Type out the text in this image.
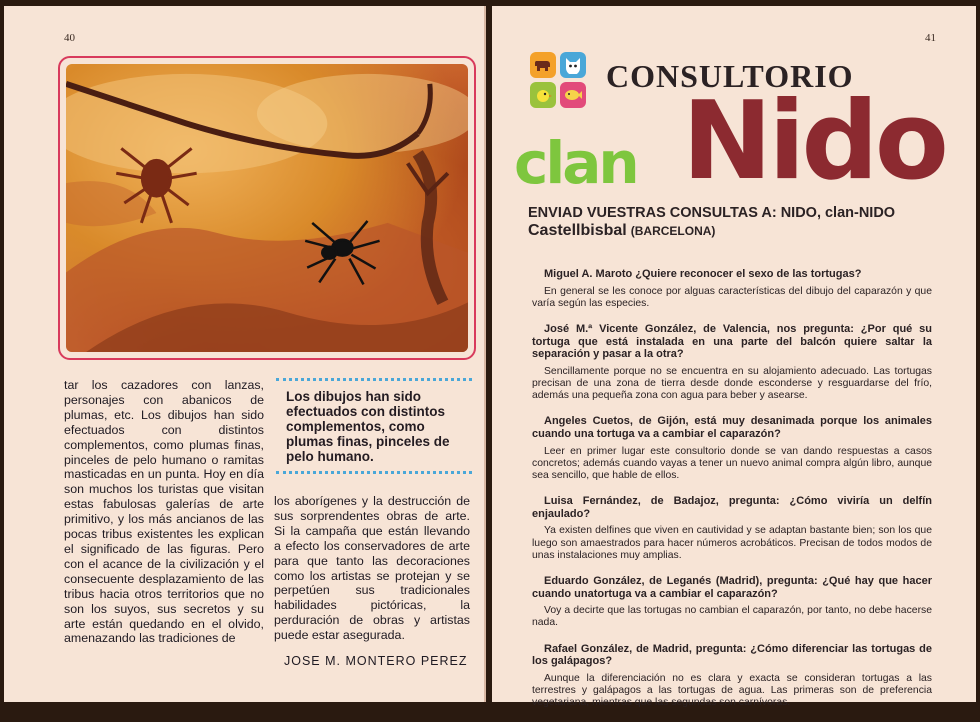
40

tar los cazadores con lanzas, personajes con abanicos de plumas, etc. Los dibujos han sido efectuados con distintos complementos, como plumas finas, pinceles de pelo humano o ramitas masticadas en un punta. Hoy en día son muchos los turistas que visitan estas fabulosas galerías de arte primitivo, y los más ancianos de las pocas tribus existentes les explican el significado de las figuras. Pero con el acance de la civilización y el consecuente desplazamiento de las tribus hacia otros territorios que no son los suyos, sus secretos y su arte están quedando en el olvido, amenazando las tradiciones de

Los dibujos han sido efectuados con distintos complementos, como plumas finas, pinceles de pelo humano.

los aborígenes y la destrucción de sus sorprendentes obras de arte. Si la campaña que están llevando a efecto los conservadores de arte para que tanto las decoraciones como los artistas se protejan y se perpetúen sus tradicionales habilidades pictóricas, la perduración de obras y artistas puede estar asegurada.

JOSE M. MONTERO PEREZ
41
CONSULTORIO
Nido
clan
ENVIAD VUESTRAS CONSULTAS A: NIDO, clan-NIDO
Castellbisbal (BARCELONA)

Miguel A. Maroto ¿Quiere reconocer el sexo de las tortugas?

En general se les conoce por alguas características del dibujo del caparazón y que varía según las especies.

José M.ª Vicente González, de Valencia, nos pregunta: ¿Por qué su tortuga que está instalada en una parte del balcón quiere saltar la separación y pasar a la otra?

Sencillamente porque no se encuentra en su alojamiento adecuado. Las tortugas precisan de una zona de tierra desde donde esconderse y resguardarse del frío, además una pequeña zona con agua para beber y asearse.

Angeles Cuetos, de Gijón, está muy desanimada porque los animales cuando una tortuga va a cambiar el caparazón?

Leer en primer lugar este consultorio donde se van dando respuestas a casos concretos; además cuando vayas a tener un nuevo animal compra algún libro, aunque sea sencillo, que hable de ellos.

Luisa Fernández, de Badajoz, pregunta: ¿Cómo viviría un delfín enjaulado?

Ya existen delfines que viven en cautividad y se adaptan bastante bien; son los que luego son amaestrados para hacer números acrobáticos. Precisan de todos modos de unas instalaciones muy amplias.

Eduardo González, de Leganés (Madrid), pregunta: ¿Qué hay que hacer cuando unatortuga va a cambiar el caparazón?

Voy a decirte que las tortugas no cambian el caparazón, por tanto, no debe hacerse nada.

Rafael González, de Madrid, pregunta: ¿Cómo diferenciar las tortugas de los galápagos?

Aunque la diferenciación no es clara y exacta se consideran tortugas a las terrestres y galápagos a las tortugas de agua. Las primeras son de preferencia vegetariana, mientras que las segundas son carnívoras.
